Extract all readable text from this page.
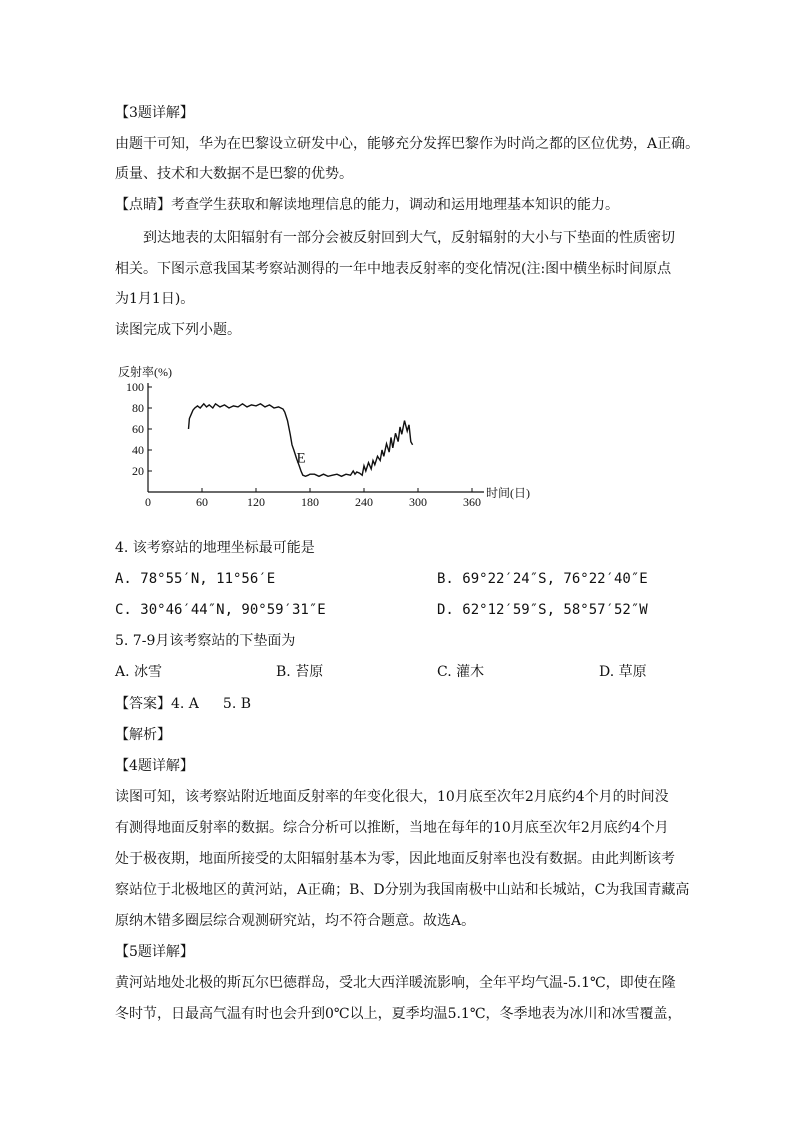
【3题详解】
由题干可知，华为在巴黎设立研发中心，能够充分发挥巴黎作为时尚之都的区位优势，A正确。
质量、技术和大数据不是巴黎的优势。
【点睛】考查学生获取和解读地理信息的能力，调动和运用地理基本知识的能力。
到达地表的太阳辐射有一部分会被反射回到大气，反射辐射的大小与下垫面的性质密切
相关。下图示意我国某考察站测得的一年中地表反射率的变化情况(注:图中横坐标时间原点
为1月1日)。
读图完成下列小题。
20
40
60
80
100
0	60	120	180	240	300	360
反射率(%)
时间(日)
E
4. 该考察站的地理坐标最可能是
A. 78°55′N, 11°56′E	B. 69°22′24″S, 76°22′40″E
C. 30°46′44″N, 90°59′31″E	D. 62°12′59″S, 58°57′52″W
5. 7-9月该考察站的下垫面为
A. 冰雪	B. 苔原	C. 灌木	D. 草原
【答案】4. A 5. B
【解析】
【4题详解】
读图可知，该考察站附近地面反射率的年变化很大，10月底至次年2月底约4个月的时间没
有测得地面反射率的数据。综合分析可以推断，当地在每年的10月底至次年2月底约4个月
处于极夜期，地面所接受的太阳辐射基本为零，因此地面反射率也没有数据。由此判断该考
察站位于北极地区的黄河站，A正确；B、D分别为我国南极中山站和长城站，C为我国青藏高
原纳木错多圈层综合观测研究站，均不符合题意。故选A。
【5题详解】
黄河站地处北极的斯瓦尔巴德群岛，受北大西洋暖流影响，全年平均气温-5.1℃，即使在隆
冬时节，日最高气温有时也会升到0℃以上，夏季均温5.1℃，冬季地表为冰川和冰雪覆盖，
